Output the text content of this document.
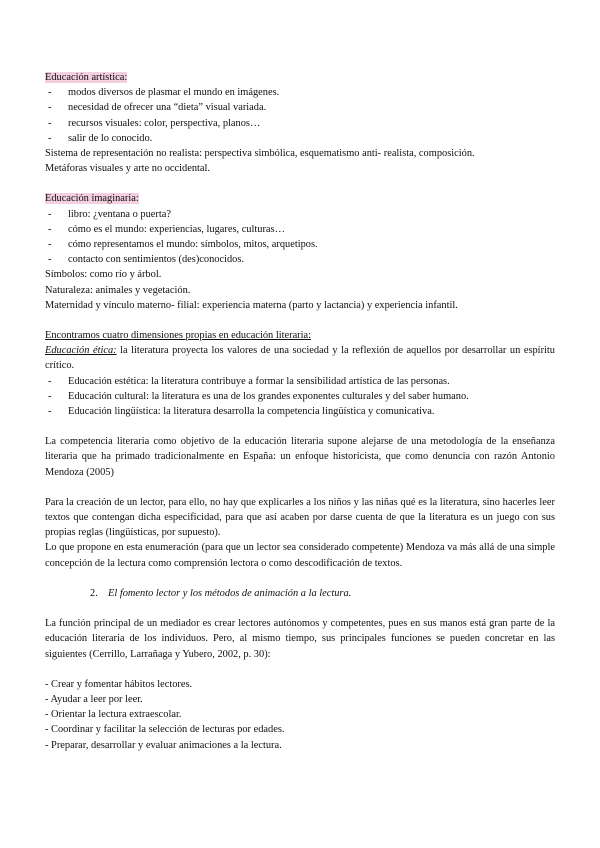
Educación artística:

-	modos diversos de plasmar el mundo en imágenes.
-	necesidad de ofrecer una “dieta” visual variada.
-	recursos visuales: color, perspectiva, planos…
-	salir de lo conocido.

Sistema de representación no realista: perspectiva simbólica, esquematismo anti- realista, composición.

Metáforas visuales y arte no occidental.

Educación imaginaria:

-	libro: ¿ventana o puerta?
-	cómo es el mundo: experiencias, lugares, culturas…
-	cómo representamos el mundo: símbolos, mitos, arquetipos.
-	contacto con sentimientos (des)conocidos.

Símbolos: como río y árbol.

Naturaleza: animales y vegetación.

Maternidad y vínculo materno- filial: experiencia materna (parto y lactancia) y experiencia infantil.

Encontramos cuatro dimensiones propias en educación literaria:

Educación ética: la literatura proyecta los valores de una sociedad y la reflexión de aquellos por desarrollar un espíritu crítico.

-	Educación estética: la literatura contribuye a formar la sensibilidad artística de las personas.
-	Educación cultural: la literatura es una de los grandes exponentes culturales y del saber humano.
-	Educación lingüística: la literatura desarrolla la competencia lingüística y comunicativa.

La competencia literaria como objetivo de la educación literaria supone alejarse de una metodología de la enseñanza literaria que ha primado tradicionalmente en España: un enfoque historicista, que como denuncia con razón Antonio Mendoza (2005)

Para la creación de un lector, para ello, no hay que explicarles a los niños y las niñas qué es la literatura, sino hacerles leer textos que contengan dicha especificidad, para que así acaben por darse cuenta de que la literatura es un juego con sus propias reglas (lingüísticas, por supuesto).

Lo que propone en esta enumeración (para que un lector sea considerado competente) Mendoza va más allá de una simple concepción de la lectura como comprensión lectora o como descodificación de textos.

2. El fomento lector y los métodos de animación a la lectura.

La función principal de un mediador es crear lectores autónomos y competentes, pues en sus manos está gran parte de la educación literaria de los individuos. Pero, al mismo tiempo, sus principales funciones se pueden concretar en las siguientes (Cerrillo, Larrañaga y Yubero, 2002, p. 30):

- Crear y fomentar hábitos lectores.

- Ayudar a leer por leer.

- Orientar la lectura extraescolar.

- Coordinar y facilitar la selección de lecturas por edades.

- Preparar, desarrollar y evaluar animaciones a la lectura.
